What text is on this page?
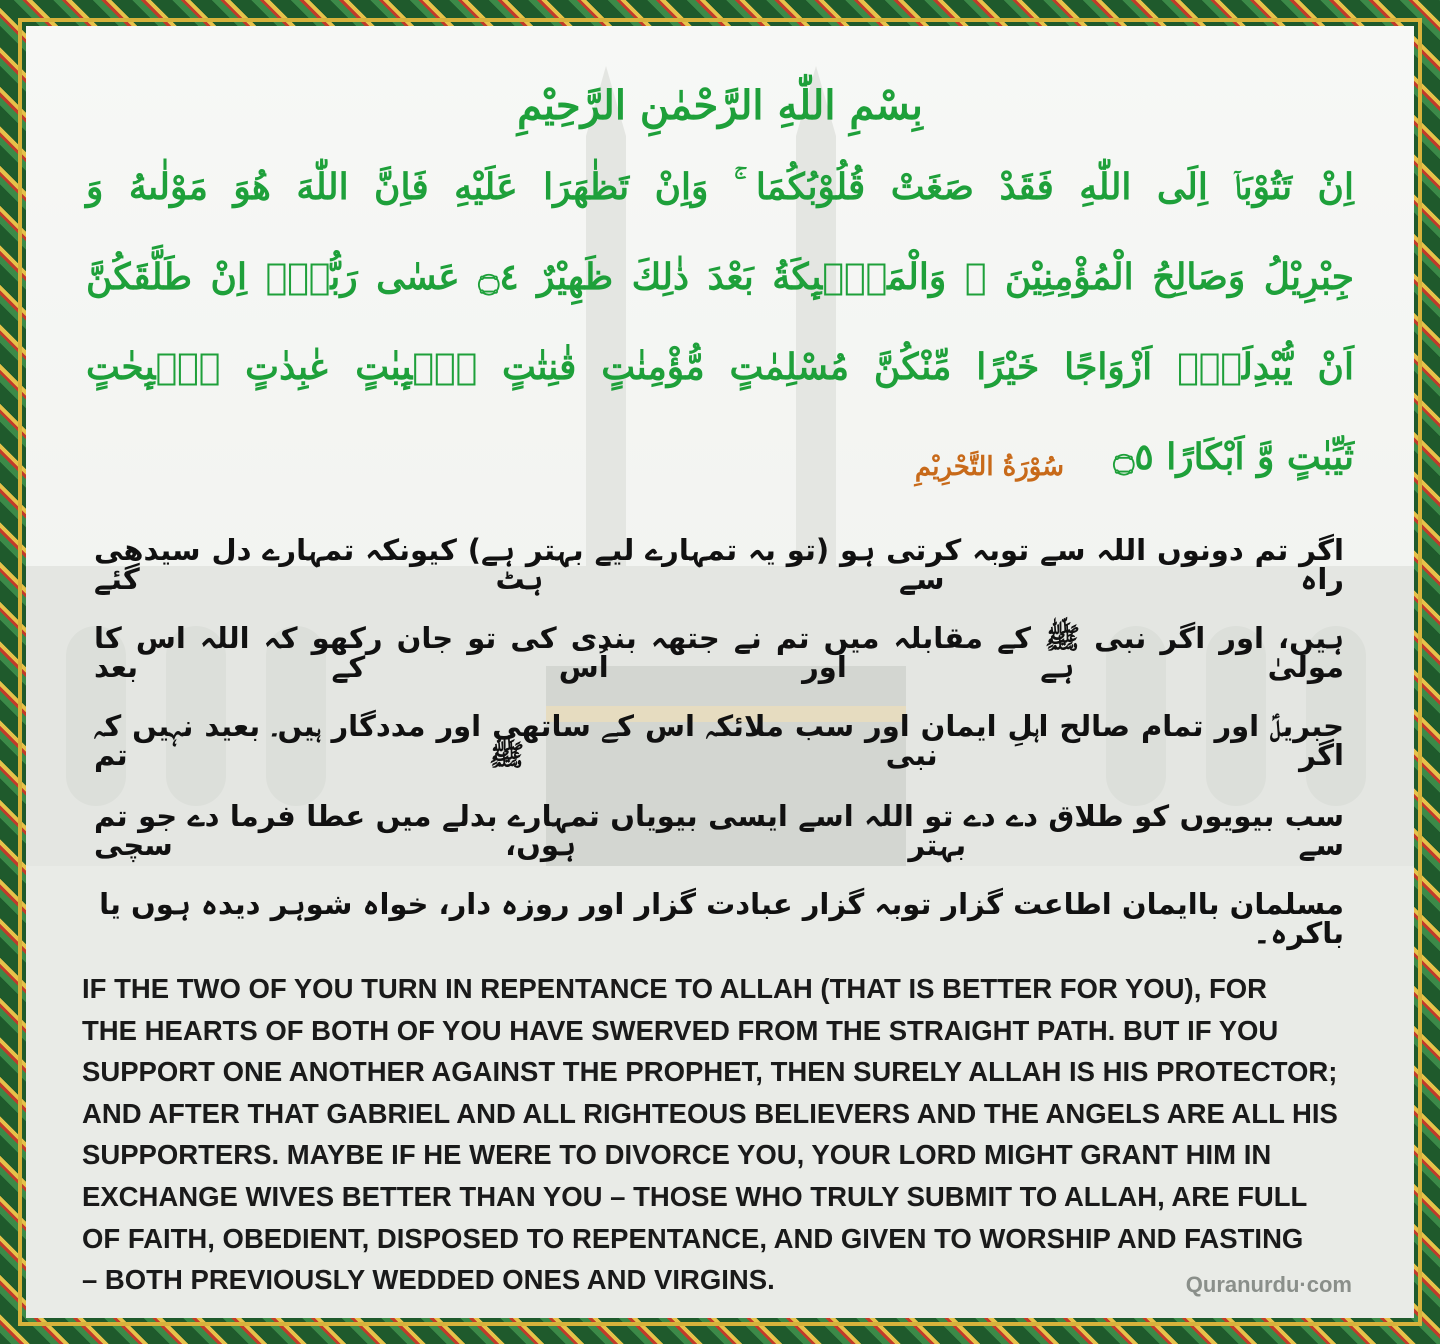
بِسْمِ اللّٰهِ الرَّحْمٰنِ الرَّحِيْمِ
اِنْ تَتُوْبَاۤ اِلَى اللّٰهِ فَقَدْ صَغَتْ قُلُوْبُكُمَا ۚ وَاِنْ تَظٰهَرَا عَلَيْهِ فَاِنَّ اللّٰهَ هُوَ مَوْلٰىهُ وَ
جِبْرِيْلُ وَصَالِحُ الْمُؤْمِنِيْنَ ۚ وَالْمَلٰۤىِٕكَةُ بَعْدَ ذٰلِكَ ظَهِيْرٌ ۝٤ عَسٰى رَبُّهٗۤ اِنْ طَلَّقَكُنَّ
اَنْ يُّبْدِلَهٗۤ اَزْوَاجًا خَيْرًا مِّنْكُنَّ مُسْلِمٰتٍ مُّؤْمِنٰتٍ قٰنِتٰتٍ تٰۤىِٕبٰتٍ عٰبِدٰتٍ سٰۤىِٕحٰتٍ
ثَيِّبٰتٍ وَّ اَبْكَارًا ۝٥
سُوْرَةُ التَّحْرِيْمِ
اگر تم دونوں اللہ سے توبہ کرتی ہو (تو یہ تمہارے لیے بہتر ہے) کیونکہ تمہارے دل سیدھی راہ سے ہٹ گئے
ہیں، اور اگر نبی ﷺ کے مقابلہ میں تم نے جتھہ بندی کی تو جان رکھو کہ اللہ اس کا مولیٰ ہے اور اُس کے بعد
جبریلؑ اور تمام صالح اہلِ ایمان اور سب ملائکہ اس کے ساتھی اور مددگار ہیں۔ بعید نہیں کہ اگر نبی ﷺ تم
سب بیویوں کو طلاق دے دے تو اللہ اسے ایسی بیویاں تمہارے بدلے میں عطا فرما دے جو تم سے بہتر ہوں، سچی
مسلمان باایمان اطاعت گزار توبہ گزار عبادت گزار اور روزہ دار، خواہ شوہر دیدہ ہوں یا باکرہ۔
IF THE TWO OF YOU TURN IN REPENTANCE TO ALLAH (THAT IS BETTER FOR YOU), FOR
THE HEARTS OF BOTH OF YOU HAVE SWERVED FROM THE STRAIGHT PATH. BUT IF YOU
SUPPORT ONE ANOTHER AGAINST THE PROPHET, THEN SURELY ALLAH IS HIS PROTECTOR;
AND AFTER THAT GABRIEL AND ALL RIGHTEOUS BELIEVERS AND THE ANGELS ARE ALL HIS
SUPPORTERS. MAYBE IF HE WERE TO DIVORCE YOU, YOUR LORD MIGHT GRANT HIM IN
EXCHANGE WIVES BETTER THAN YOU – THOSE WHO TRULY SUBMIT TO ALLAH, ARE FULL
OF FAITH, OBEDIENT, DISPOSED TO REPENTANCE, AND GIVEN TO WORSHIP AND FASTING
– BOTH PREVIOUSLY WEDDED ONES AND VIRGINS.	Quranurdu·com
